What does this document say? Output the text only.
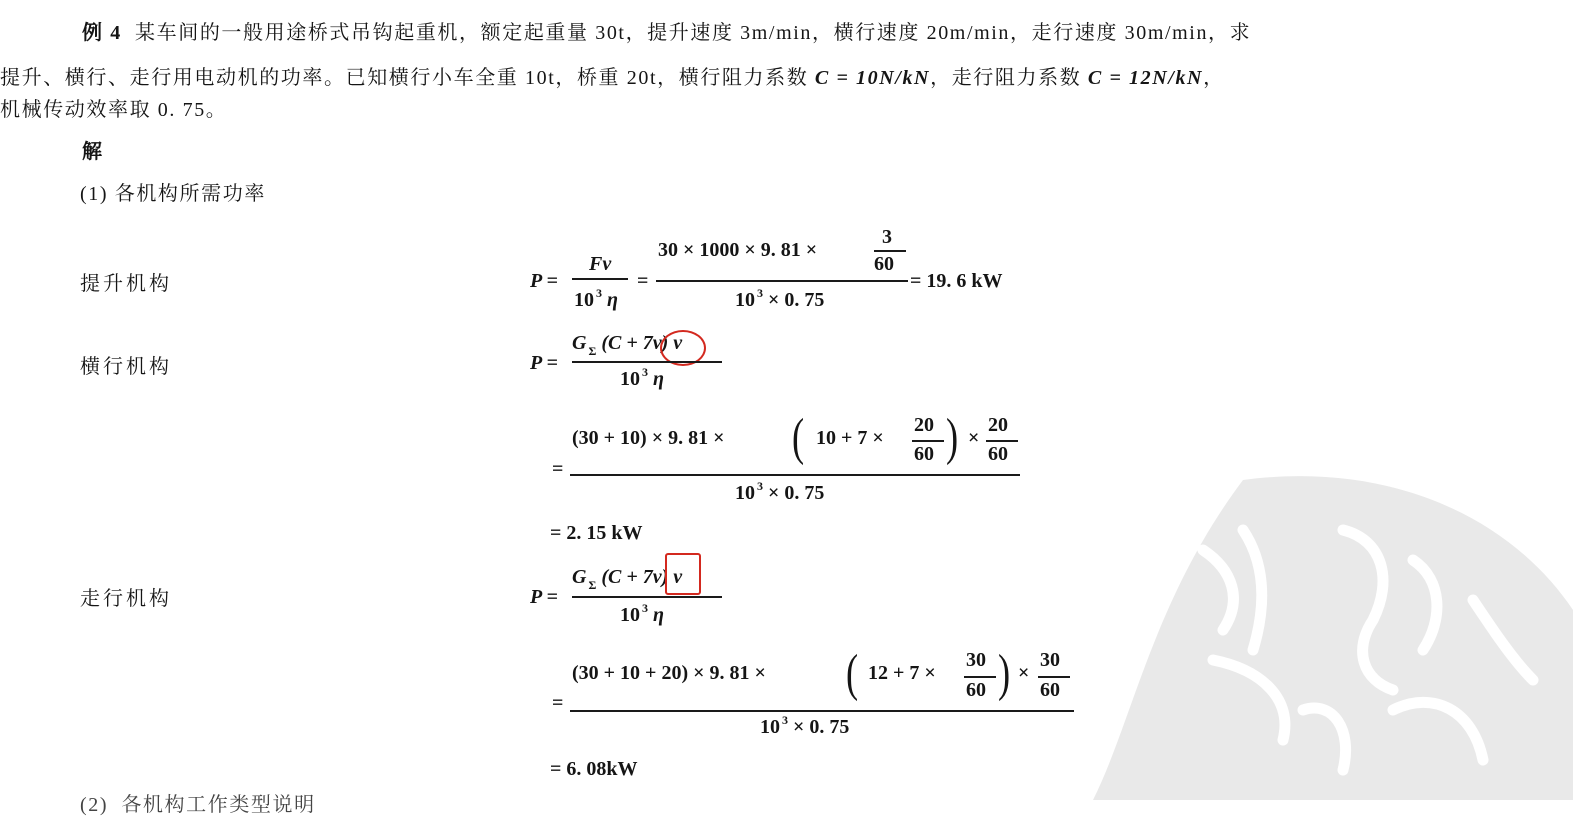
例 4 某车间的一般用途桥式吊钩起重机，额定起重量 30t，提升速度 3m/min，横行速度 20m/min，走行速度 30m/min，求
提升、横行、走行用电动机的功率。已知横行小车全重 10t，桥重 20t，横行阻力系数 C = 10N/kN，走行阻力系数 C = 12N/kN，
机械传动效率取 0. 75。
解
(1) 各机构所需功率
提升机构	P =
Fv
10 $^3$ η
=
30 × 1000 × 9. 81 ×
3
60
10 $^3$ × 0. 75
= 19. 6 kW
横行机构	P =
G $_\Sigma$ (C + 7v) v
10 $^3$ η
=
(30 + 10) × 9. 81 × ( 10 + 7 ×
20
60 ) ×
20
60
10 $^3$ × 0. 75
= 2. 15 kW
走行机构	P =
G $_\Sigma$ (C + 7v) v
10 $^3$ η
=
(30 + 10 + 20) × 9. 81 × ( 12 + 7 ×
30
60 ) ×
30
60
10 $^3$ × 0. 75
= 6. 08kW
(2)  各机构工作类型说明
